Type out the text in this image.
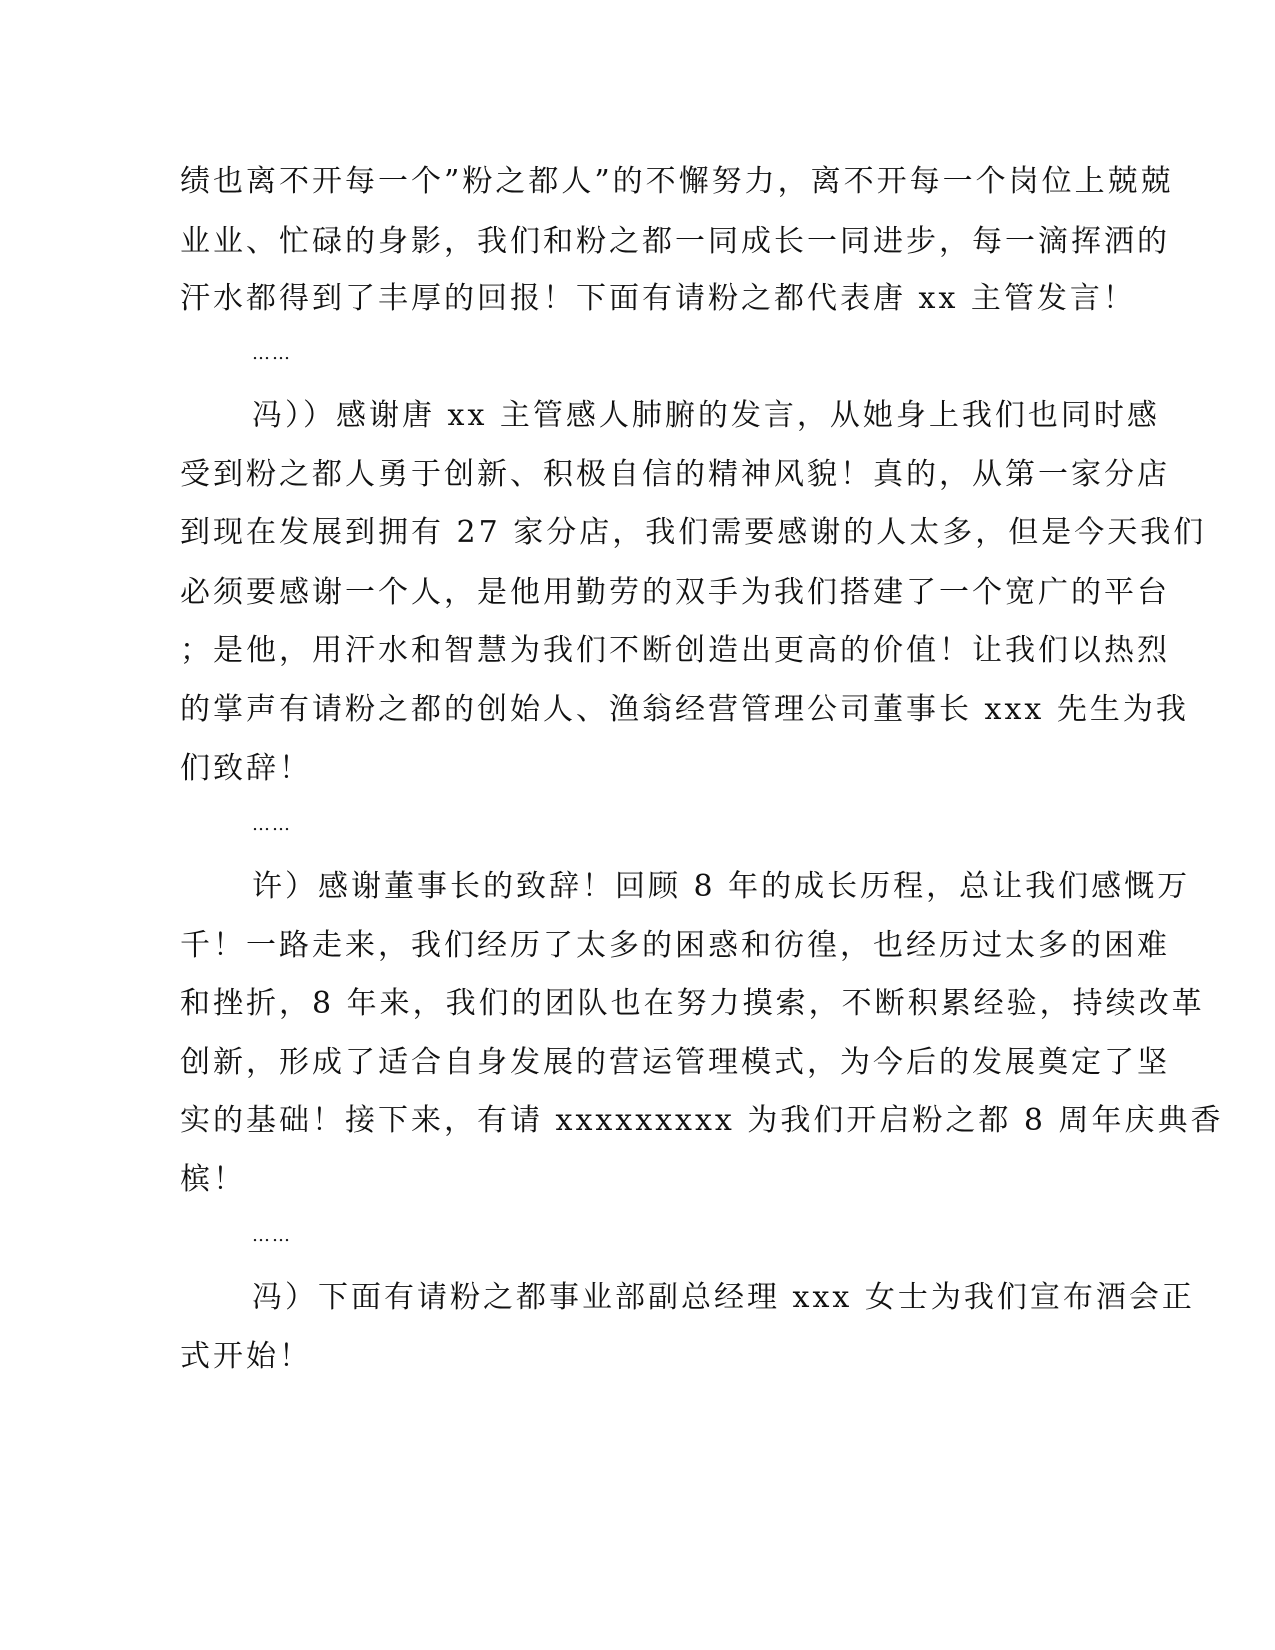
绩也离不开每一个”粉之都人”的不懈努力，离不开每一个岗位上兢兢
业业、忙碌的身影，我们和粉之都一同成长一同进步，每一滴挥洒的
汗水都得到了丰厚的回报！下面有请粉之都代表唐 xx 主管发言！
……
冯））感谢唐 xx 主管感人肺腑的发言，从她身上我们也同时感
受到粉之都人勇于创新、积极自信的精神风貌！真的，从第一家分店
到现在发展到拥有 27 家分店，我们需要感谢的人太多，但是今天我们
必须要感谢一个人，是他用勤劳的双手为我们搭建了一个宽广的平台
；是他，用汗水和智慧为我们不断创造出更高的价值！让我们以热烈
的掌声有请粉之都的创始人、渔翁经营管理公司董事长 xxx 先生为我
们致辞！
……
许）感谢董事长的致辞！回顾 8 年的成长历程，总让我们感慨万
千！一路走来，我们经历了太多的困惑和彷徨，也经历过太多的困难
和挫折，8 年来，我们的团队也在努力摸索，不断积累经验，持续改革
创新，形成了适合自身发展的营运管理模式，为今后的发展奠定了坚
实的基础！接下来，有请 xxxxxxxxx 为我们开启粉之都 8 周年庆典香
槟！
……
冯）下面有请粉之都事业部副总经理 xxx 女士为我们宣布酒会正
式开始！
